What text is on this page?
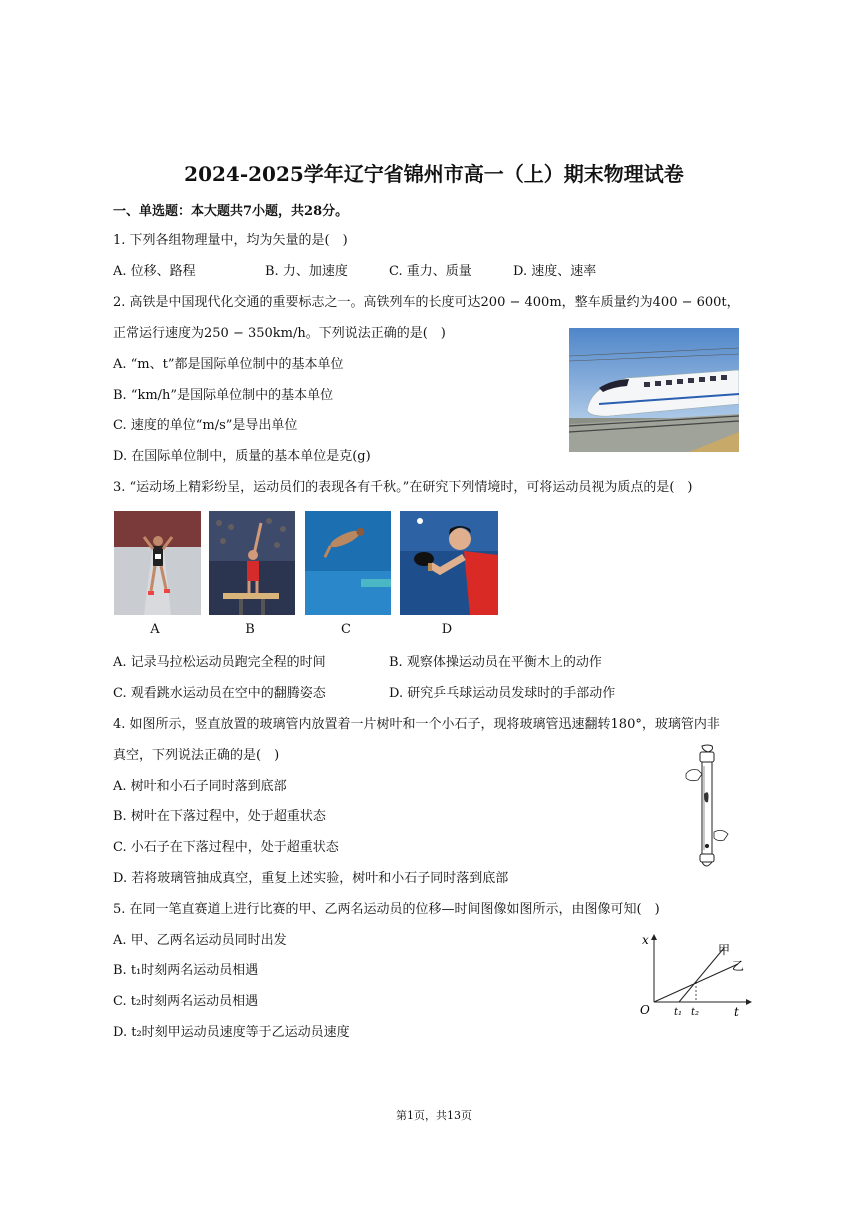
2024-2025学年辽宁省锦州市高一（上）期末物理试卷
一、单选题：本大题共7小题，共28分。
1. 下列各组物理量中，均为矢量的是(　)
A. 位移、路程	B. 力、加速度	C. 重力、质量	D. 速度、速率
2. 高铁是中国现代化交通的重要标志之一。高铁列车的长度可达200 − 400m，整车质量约为400 − 600t，
正常运行速度为250 − 350km/h。下列说法正确的是(　)
A. “m、t”都是国际单位制中的基本单位
B. “km/h”是国际单位制中的基本单位
C. 速度的单位“m/s”是导出单位
D. 在国际单位制中，质量的基本单位是克(g)
3. “运动场上精彩纷呈，运动员们的表现各有千秋。”在研究下列情境时，可将运动员视为质点的是(　)
A	B	C	D
A. 记录马拉松运动员跑完全程的时间	B. 观察体操运动员在平衡木上的动作
C. 观看跳水运动员在空中的翻腾姿态	D. 研究乒乓球运动员发球时的手部动作
4. 如图所示，竖直放置的玻璃管内放置着一片树叶和一个小石子，现将玻璃管迅速翻转180°，玻璃管内非
真空，下列说法正确的是(　)
A. 树叶和小石子同时落到底部
B. 树叶在下落过程中，处于超重状态
C. 小石子在下落过程中，处于超重状态
D. 若将玻璃管抽成真空，重复上述实验，树叶和小石子同时落到底部
5. 在同一笔直赛道上进行比赛的甲、乙两名运动员的位移—时间图像如图所示，由图像可知(　)
A. 甲、乙两名运动员同时出发
B. t₁时刻两名运动员相遇
C. t₂时刻两名运动员相遇
D. t₂时刻甲运动员速度等于乙运动员速度
x
t
O t₁ t₂
甲
乙
第1页，共13页
